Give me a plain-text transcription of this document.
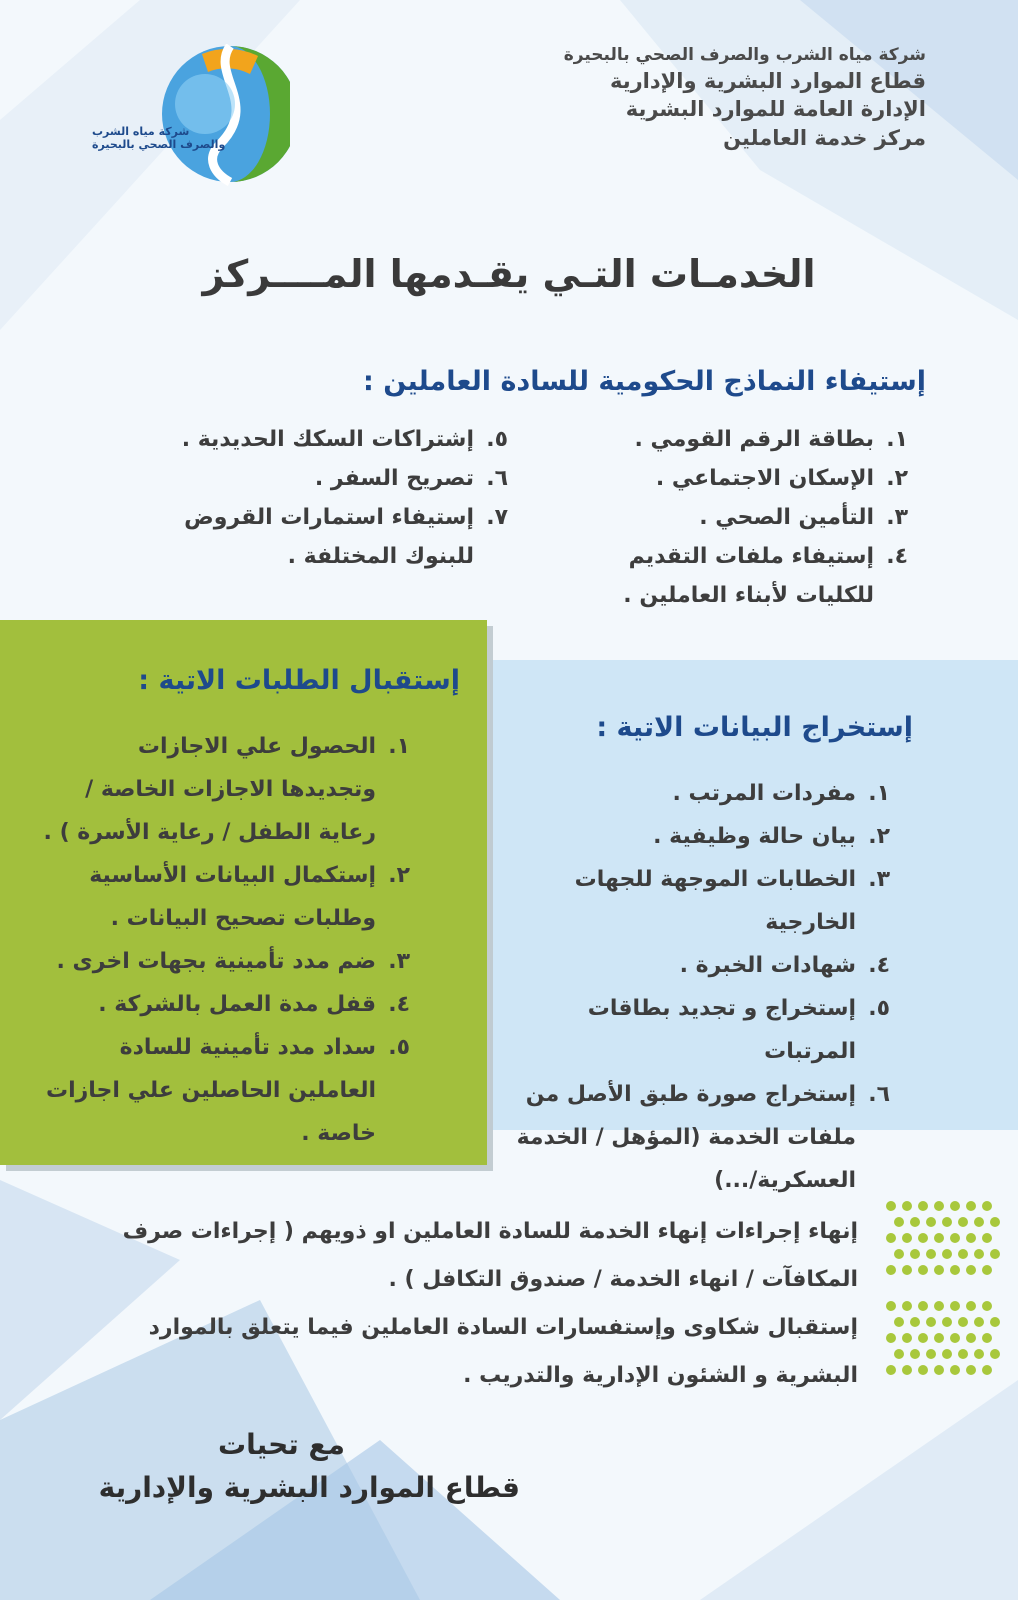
شركة مياه الشرب والصرف الصحي بالبحيرة
قطاع الموارد البشرية والإدارية
الإدارة العامة للموارد البشرية
مركز خدمة العاملين
شركة مياه الشرب
والصرف الصحي بالبحيرة
الخدمـات التـي يقـدمها المــــركز
إستيفاء النماذج الحكومية للسادة العاملين :
١.
بطاقة الرقم القومي .
٢.
الإسكان الاجتماعي .
٣.
التأمين الصحي .
٤.
إستيفاء ملفات التقديم للكليات لأبناء العاملين .
٥.
إشتراكات السكك الحديدية .
٦.
تصريح السفر .
٧.
إستيفاء استمارات القروض للبنوك المختلفة .
إستخراج البيانات الاتية :
١.
مفردات المرتب .
٢.
بيان حالة وظيفية .
٣.
الخطابات الموجهة للجهات الخارجية
٤.
شهادات الخبرة .
٥.
إستخراج و تجديد بطاقات المرتبات
٦.
إستخراج صورة طبق الأصل من ملفات الخدمة (المؤهل / الخدمة العسكرية/...)
إستقبال الطلبات الاتية :
١.
الحصول علي الاجازات وتجديدها الاجازات الخاصة / رعاية الطفل / رعاية الأسرة ) .
٢.
إستكمال البيانات الأساسية وطلبات تصحيح البيانات .
٣.
ضم مدد تأمينية بجهات اخرى .
٤.
قفل مدة العمل بالشركة .
٥.
سداد مدد تأمينية للسادة العاملين الحاصلين علي اجازات خاصة .
إنهاء إجراءات إنهاء الخدمة للسادة العاملين او ذويهم ( إجراءات صرف المكافآت / انهاء الخدمة / صندوق التكافل ) .
إستقبال شكاوى وإستفسارات السادة العاملين فيما يتعلق بالموارد البشرية و الشئون الإدارية والتدريب .
مع تحيات
قطاع الموارد البشرية والإدارية
